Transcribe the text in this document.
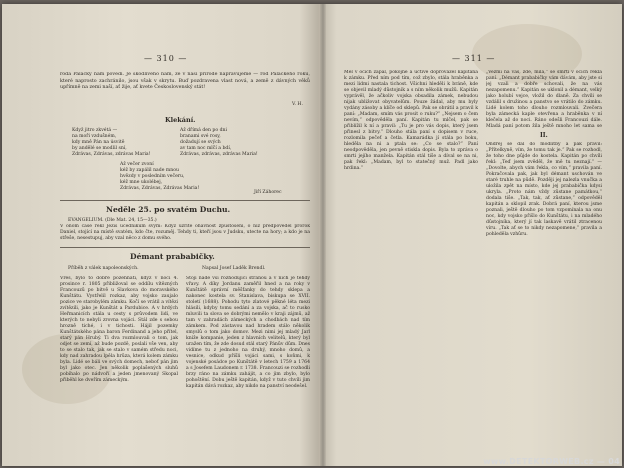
— 310 —
roda Palacký nám povědí. Je škodlivého nám, že v naší přírodě napravujeme — rod Palackého roku, které naprosto zachránilo, jsou však v skrytu. Buď pozdravena vlast nová, a země z dávných věků upřímně na zemi naší, ať žije, ať kvete Československý stát!
V. H.
Klekání.
Když jitro zkvétá —
na moři vzdušném,
kdy mně Pán na úsvitě
by andělé se modlil sní,
Zdrávas, Zdrávas, zdrávas Maria!
Až dřímá den po dni
branami své rosy,
dožadují se svých
av tam noc mlčí a bdí,
Zdrávas, zdrávas, zdrávas Maria!
Až večer zvoní
kéž by zapálil nade mnou
hvězdy v posledním večeru,
kéž mne ukolébej,
Zdrávas, Zdrávas, Zdrávas Maria!
Jiří Záhorec
Neděle 25. po svatém Duchu.
EVANGELIUM. (Dle Mat. 24, 15—35.)
V onom čase řekl Ježíš učedníkům svým: Když uzříte ohavnost zpustošení, o níž předpověděl prorok Daniel, stojící na místě svatém, kdo čte, rozuměj. Tehdy ti, kteří jsou v Judsku, utecte na hory; a kdo je na střeše, nesestupuj, aby vzal něco z domu svého.
Démant prababičky.
Příběh z válek napoleonských.	Napsal Josef Laděk Brendl.
Vřes, bylo to dobře požehnati, když v noci 4. prosince r. 1805 přibližoval se oddílu vítězných Francouzů po bitvě u Slavkova do moravského Kunštátu. Vystřelil rozkaz, aby vojsko zaujalo pozice ve starobylém zámku. Kočí se vrátil a vítězi zvítězili, jako je Kunštát a Pardubice. A v hrdých Heřmanicích stála u cesty s průvodem lidí, ve kterých to nebyli zrovna vojáci. Stál zde s sebou hrozně tiché, i v tichosti. Hájil pozemky Kunštátského pána baron Ferdinand a jeho přítel, starý pán Hrubý. Ti dva rozmlouvali o tom, jak odjet se zemí, až bude pozdě, poslali vše ven, aby to se stalo tak, jak se stalo v samém středu noci, kdy nad zahradou lpěla hrůza, která kolem zámku byla. Lidé se báli ve svých domech, neboť pán jim byl jako otec. Jen několik poplašených sluhů pobíhalo po nádvoří a jeden jmenovaný Skopal přiběhl ke dveřím zámeckým.
Stojí nade vší rozhodující stranou a v nich je tehdy vřavy. A díky Jordanu zaměřil hned a na roky v Kunštátě správní měšťanky do tehdy sklepa a nakonec kostela sv. Stanislava, biskupa se XVII. století (1688). Pohodu tyto zlatové pěkné léta mezi hlásili, kdyby tomu sedání a za vojska, ač to rusko mluvili ta slova se dobrými nemělo v kraji zájmů, až tam v zahradách zámeckých a chodbách nad tím zámkem. Pod zástavou nad hradem stálo několik smyslů o tom jako domov. Mezi nimi jej mladý Jarl kníže kompanie, jeden z hlavních velitelů, který byl uražen tím, že zde dosud stál starý Pánův dům. Dnes vidíme tu z jednoho na druhý, mnoho domů, a vesnice, odkud přišli vojáci sami, s koňmi, k vojenské posádce po Kunštátě v letech 1759 a 1764 a s Josefem Laudonem r. 1738. Francouzi se rozhodli brzy ráno na zámku zahájit, a co jim zbylo, bylo pohoštění. Dobu ještě kapitán, když v tuto chvíli jim kapitán dává rozkaz, aby nikdo na panství neodešel.
— 311 —
Měl v očích zápal, pokojně a uctivě doprovázel kapitána k zámku. Před ním pod tím, což zbylo, stála hraběnka a mezi lidmi nastala tichost. Všichni hleděli k bráně, kde se objevil mladý důstojník a s ním několik mužů. Kapitán vyprávěl, že ačkoliv vojska obsadila zámek, nebudou nijak ubližovat obyvatelům. Pouze žádal, aby mu byly vydány zásoby a klíče od sklepů. Pak se obrátil a pravil k paní: „Madam, smím vás prosit o ruku?“ „Nejsem o čem nevím,“ odpověděla paní. Kapitán tu mlčel, pak se přiblížil k ní a pravil: „Tu je pro vás dopis, který jsem přinesl z bitvy.“ Dlouho stála paní s dopisem v ruce, rozlomila pečeť a četla. Kamarádka jí stála po boku, hleděla na ni a ptala se: „Co se stalo?“ Paní neodpověděla, jen pevně stiskla dopis. Byla to zpráva o smrti jejího manžela. Kapitán stál tiše a díval se na ni, pak řekl: „Madam, byl to statečný muž. Padl jako hrdina.“
„Vezmi na vás, zde, milá,“ se smrtí v očích řekla paní. „Démant prababičky vám dávám, aby jste si jej vzali a dobře schovali, že na vás nezapomenu.“ Kapitán se uklonil a démant, velký jako holubí vejce, vložil do dlaně. Za chvíli se vzdálil s družinou a panstvo se vrátilo do zámku. Lidé kolem toho dlouho rozmlouvali. Zvečera byla zámecká kaple otevřena a hraběnka v ní klečela až do noci. Ráno odešli Francouzi dále. Mladá paní potom žila ještě mnoho let sama se
II.
Ondřej se dal do modlitby a pak pravil: „Přítelkyně, vím, že tomu tak je.“ Pak se rozhodl, že toho dne půjde do kostela. Kapitán po chvíli řekl: „Teď jsem zvěděl, že mě tu neznají.“ — „Dovolte, abych vám řekla, co vím,“ pravila paní. Pokračovala pak, jak byl démant uschován ve staré truhle na půdě. Později jej nalezla vnučka a uložila zpět na místo, kde jej prababička kdysi ukryla. „Proto nám vždy zůstane památkou,“ dodala tiše. „Tak, tak, ať zůstane,“ odpověděl kapitán a sklopil zrak. Dobrá paní, kterou jsme poznali, ještě dlouho po tom vzpomínala na onu noc, kdy vojsko přišlo do Kunštátu, i na mladého důstojníka, který jí tak laskavě vrátil ztracenou víru. „Tak ať se to nikdy nezapomene,“ pravila a pohleděla vzhůru.
www.DETEKTORWEB.cz — 04
